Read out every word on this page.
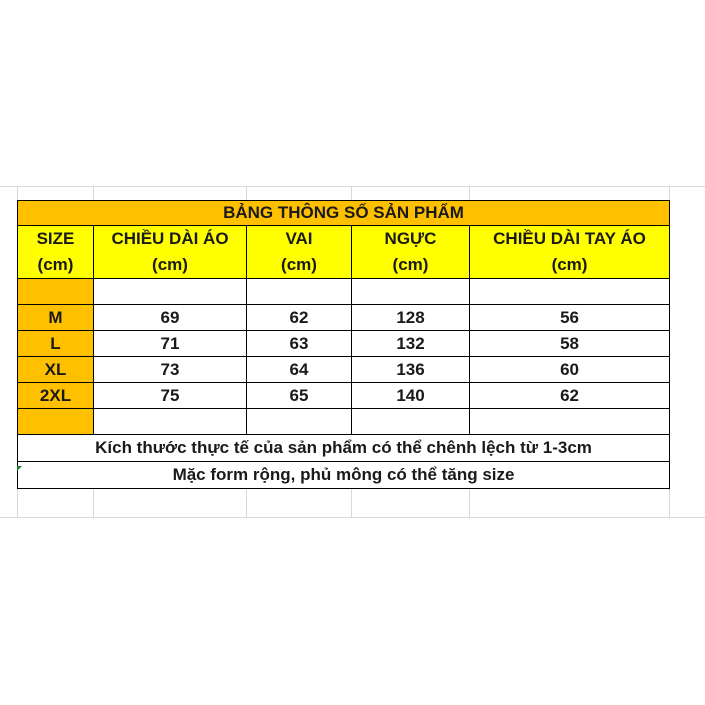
BẢNG THÔNG SỐ SẢN PHẨM				
SIZE	CHIỀU DÀI ÁO	VAI	NGỰC	CHIỀU DÀI TAY ÁO
(cm)	(cm)	(cm)	(cm)	(cm)

M	69	62	128	56
L	71	63	132	58
XL	73	64	136	60
2XL	75	65	140	62

Kích thước thực tế của sản phẩm có thể chênh lệch từ 1-3cm				
Mặc form rộng, phủ mông có thể tăng size				
